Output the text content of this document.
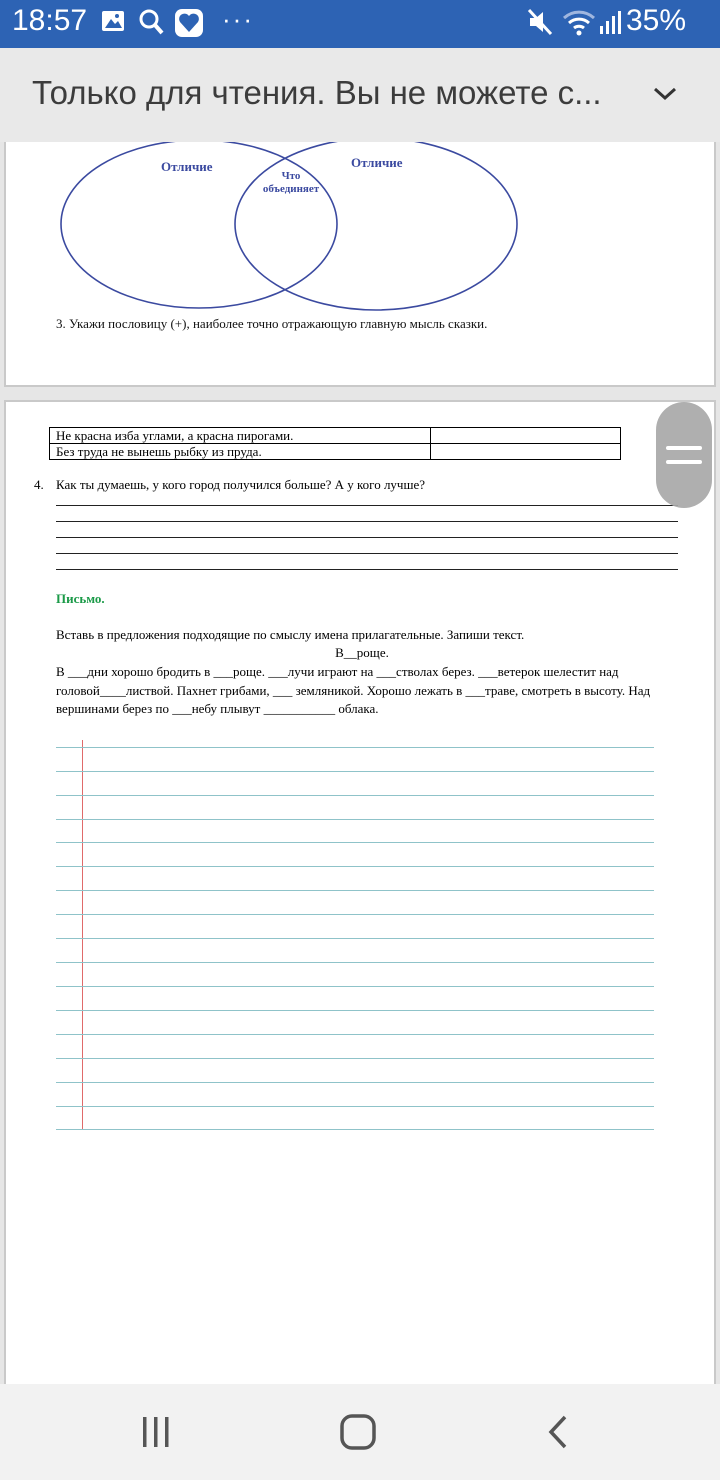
18:57	···	35%
Только для чтения. Вы не можете с...
Отличие	Отличие
Что
объединяет
3. Укажи пословицу (+), наиболее точно отражающую главную мысль сказки.
Не красна изба углами, а красна пирогами.	
Без труда не вынешь рыбку из пруда.	
4. Как ты думаешь, у кого город получился больше? А у кого лучше?
Письмо.
Вставь в предложения подходящие по смыслу имена прилагательные. Запиши текст.
В__роще.
В ___дни хорошо бродить в ___роще. ___лучи играют на ___стволах берез. ___ветерок шелестит над головой____листвой. Пахнет грибами, ___ земляникой. Хорошо лежать в ___траве, смотреть в высоту. Над вершинами берез по ___небу плывут ___________ облака.
